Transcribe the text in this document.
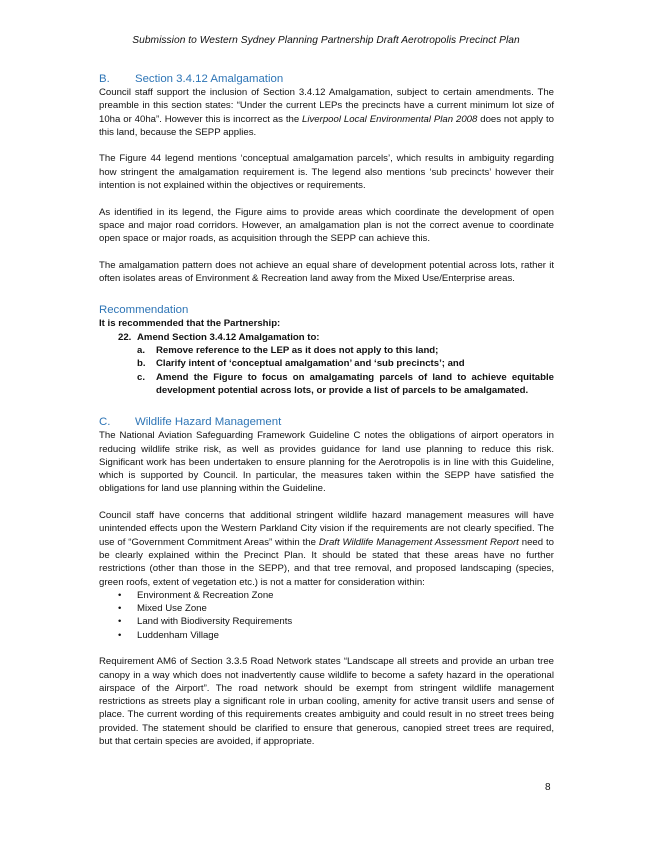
Submission to Western Sydney Planning Partnership Draft Aerotropolis Precinct Plan
B.	Section 3.4.12 Amalgamation

Council staff support the inclusion of Section 3.4.12 Amalgamation, subject to certain amendments. The preamble in this section states: “Under the current LEPs the precincts have a current minimum lot size of 10ha or 40ha”. However this is incorrect as the Liverpool Local Environmental Plan 2008 does not apply to this land, because the SEPP applies.

The Figure 44 legend mentions ‘conceptual amalgamation parcels’, which results in ambiguity regarding how stringent the amalgamation requirement is. The legend also mentions ‘sub precincts’ however their intention is not explained within the objectives or requirements.

As identified in its legend, the Figure aims to provide areas which coordinate the development of open space and major road corridors. However, an amalgamation plan is not the correct avenue to coordinate open space or major roads, as acquisition through the SEPP can achieve this.

The amalgamation pattern does not achieve an equal share of development potential across lots, rather it often isolates areas of Environment & Recreation land away from the Mixed Use/Enterprise areas.

Recommendation

It is recommended that the Partnership:

22. Amend Section 3.4.12 Amalgamation to:
a.	Remove reference to the LEP as it does not apply to this land;
b.	Clarify intent of ‘conceptual amalgamation’ and ‘sub precincts’; and
c.	Amend the Figure to focus on amalgamating parcels of land to achieve equitable development potential across lots, or provide a list of parcels to be amalgamated.
C.	Wildlife Hazard Management

The National Aviation Safeguarding Framework Guideline C notes the obligations of airport operators in reducing wildlife strike risk, as well as provides guidance for land use planning to reduce this risk. Significant work has been undertaken to ensure planning for the Aerotropolis is in line with this Guideline, which is supported by Council. In particular, the measures taken within the SEPP have satisfied the obligations for land use planning within the Guideline.

Council staff have concerns that additional stringent wildlife hazard management measures will have unintended effects upon the Western Parkland City vision if the requirements are not clearly specified. The use of “Government Commitment Areas” within the Draft Wildlife Management Assessment Report need to be clearly explained within the Precinct Plan. It should be stated that these areas have no further restrictions (other than those in the SEPP), and that tree removal, and proposed landscaping (species, green roofs, extent of vegetation etc.) is not a matter for consideration within:

•	Environment & Recreation Zone
•	Mixed Use Zone
•	Land with Biodiversity Requirements
•	Luddenham Village

Requirement AM6 of Section 3.3.5 Road Network states “Landscape all streets and provide an urban tree canopy in a way which does not inadvertently cause wildlife to become a safety hazard in the operational airspace of the Airport”. The road network should be exempt from stringent wildlife management restrictions as streets play a significant role in urban cooling, amenity for active transit users and sense of place. The current wording of this requirements creates ambiguity and could result in no street trees being provided. The statement should be clarified to ensure that generous, canopied street trees are required, but that certain species are avoided, if appropriate.

8
